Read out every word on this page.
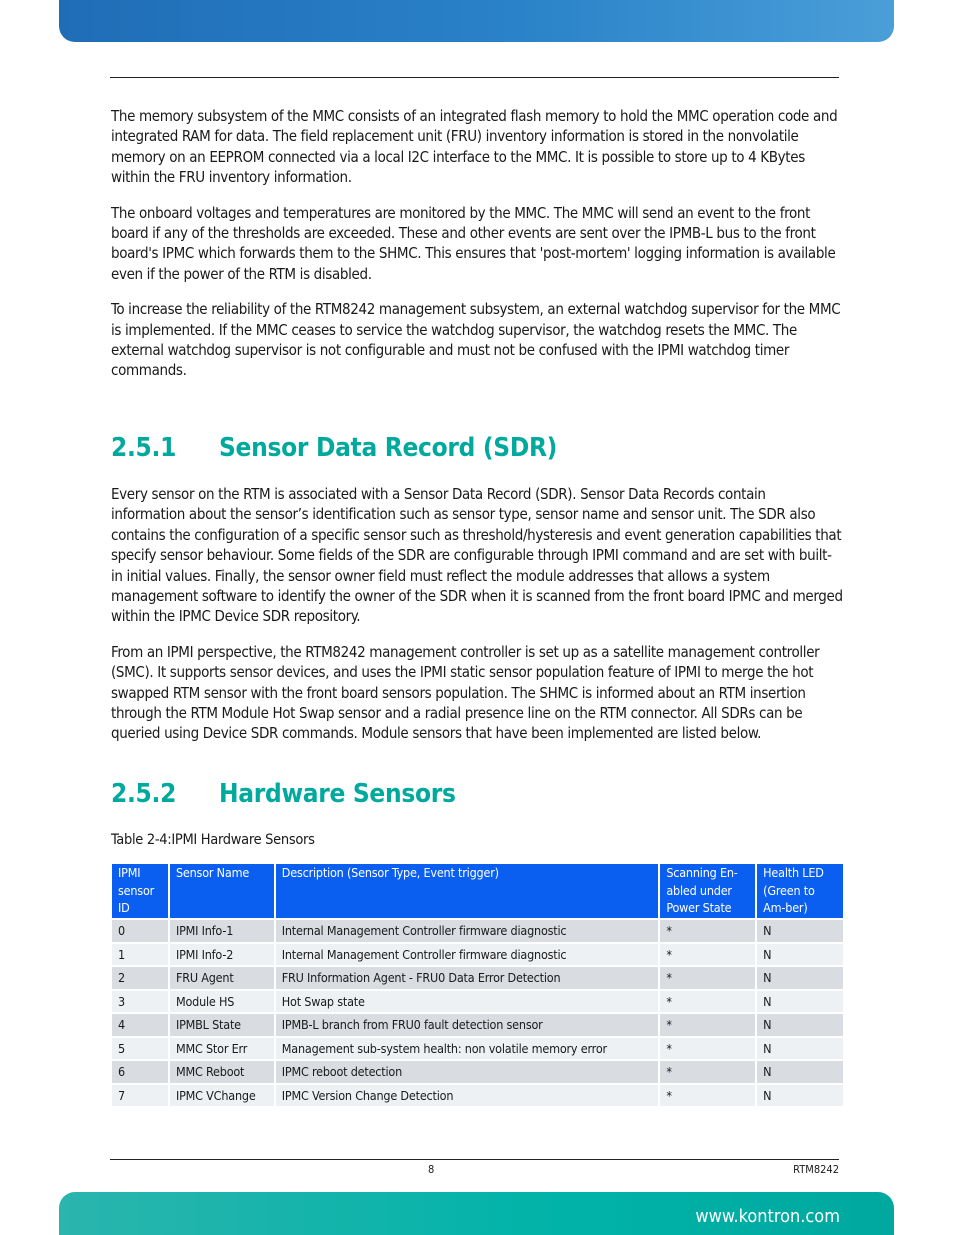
The memory subsystem of the MMC consists of an integrated flash memory to hold the MMC operation code and integrated RAM for data. The field replacement unit (FRU) inventory information is stored in the nonvolatile memory on an EEPROM connected via a local I2C interface to the MMC. It is possible to store up to 4 KBytes within the FRU inventory information.

The onboard voltages and temperatures are monitored by the MMC. The MMC will send an event to the front board if any of the thresholds are exceeded. These and other events are sent over the IPMB-L bus to the front board's IPMC which forwards them to the SHMC. This ensures that 'post-mortem' logging information is available even if the power of the RTM is disabled.

To increase the reliability of the RTM8242 management subsystem, an external watchdog supervisor for the MMC is implemented. If the MMC ceases to service the watchdog supervisor, the watchdog resets the MMC. The external watchdog supervisor is not configurable and must not be confused with the IPMI watchdog timer commands.

2.5.1 Sensor Data Record (SDR)

Every sensor on the RTM is associated with a Sensor Data Record (SDR). Sensor Data Records contain information about the sensor’s identification such as sensor type, sensor name and sensor unit. The SDR also contains the configuration of a specific sensor such as threshold/hysteresis and event generation capabilities that specify sensor behaviour. Some fields of the SDR are configurable through IPMI command and are set with built-in initial values. Finally, the sensor owner field must reflect the module addresses that allows a system management software to identify the owner of the SDR when it is scanned from the front board IPMC and merged within the IPMC Device SDR repository.

From an IPMI perspective, the RTM8242 management controller is set up as a satellite management controller (SMC). It supports sensor devices, and uses the IPMI static sensor population feature of IPMI to merge the hot swapped RTM sensor with the front board sensors population. The SHMC is informed about an RTM insertion through the RTM Module Hot Swap sensor and a radial presence line on the RTM connector. All SDRs can be queried using Device SDR commands. Module sensors that have been implemented are listed below.

2.5.2 Hardware Sensors
Table 2-4:IPMI Hardware Sensors
IPMI sensor ID	Sensor Name	Description (Sensor Type, Event trigger)	Scanning En-abled under Power State	Health LED (Green to Am-ber)
0	IPMI Info-1	Internal Management Controller firmware diagnostic	*	N
1	IPMI Info-2	Internal Management Controller firmware diagnostic	*	N
2	FRU Agent	FRU Information Agent - FRU0 Data Error Detection	*	N
3	Module HS	Hot Swap state	*	N
4	IPMBL State	IPMB-L branch from FRU0 fault detection sensor	*	N
5	MMC Stor Err	Management sub-system health: non volatile memory error	*	N
6	MMC Reboot	IPMC reboot detection	*	N
7	IPMC VChange	IPMC Version Change Detection	*	N
8	RTM8242
www.kontron.com
